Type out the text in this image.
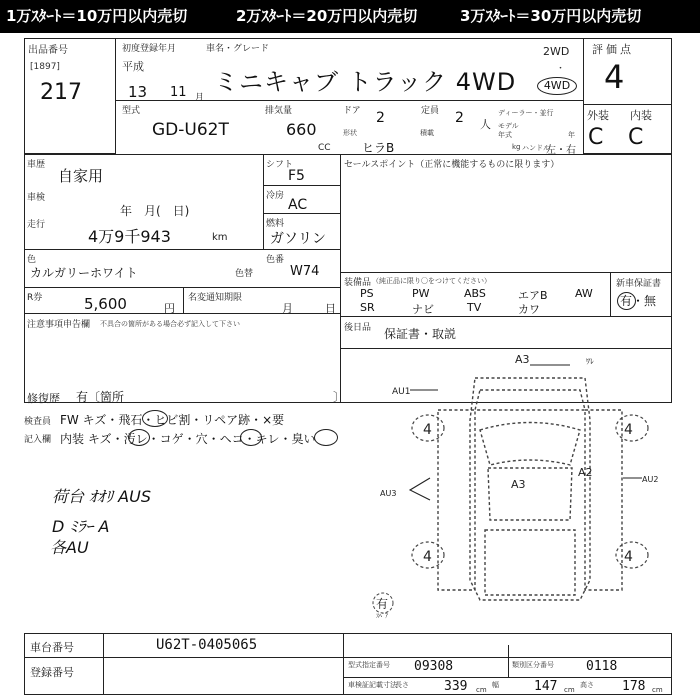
1万ｽﾀｰﾄ＝10万円以内売切	2万ｽﾀｰﾄ＝20万円以内売切	3万ｽﾀｰﾄ＝30万円以内売切
出品番号
[1897]
217
初度登録年月
平成
13 11 月
車名・グレード
ミニキャブ トラック 4WD
2WD
・
4WD
評価点
4
外装 内装
C C
型式
GD-U62T
排気量
660
CC
ドア 2
形状
ヒラB
定員 2 人
積載
kg
ディーラー・並行
モデル
年式	年
ハンドル
左・右
車歴
自家用
車検
年　月(　日)
走行
4万9千943	km
シフト
F5
冷房
AC
燃料
ガソリン
色
カルガリーホワイト
色番
色替	W74
R券	5,600	円
名変通知期限
月	日
注意事項申告欄 不具合の箇所がある場合必ず記入して下さい
修復歴 有〔箇所	〕
セールスポイント（正常に機能するものに限ります）
装備品 （純正品に限り〇をつけてください）
PS	PW	ABS	エアB AW
SR	ナビ	TV	カワ
新車保証書
有・無
後日品 保証書・取説
検査員
記入欄
FW キズ・飛石・ヒビ割・リペア跡・×要
内装 キズ・汚レ・コゲ・穴・ヘコ・キレ・臭い
荷台 ｵｵﾘ AUS
D ﾐﾗｰ A
各AU
A3	ﾜﾚ
AU1
AU3
A2
AU2
A3
4	4
4	4
有
ｽﾍﾟｱ
車台番号	U62T-0405065
登録番号
型式指定番号 09308	類別区分番号 0118
車検証記載寸法
長さ	339 cm
幅	147 cm
高さ 178 cm
